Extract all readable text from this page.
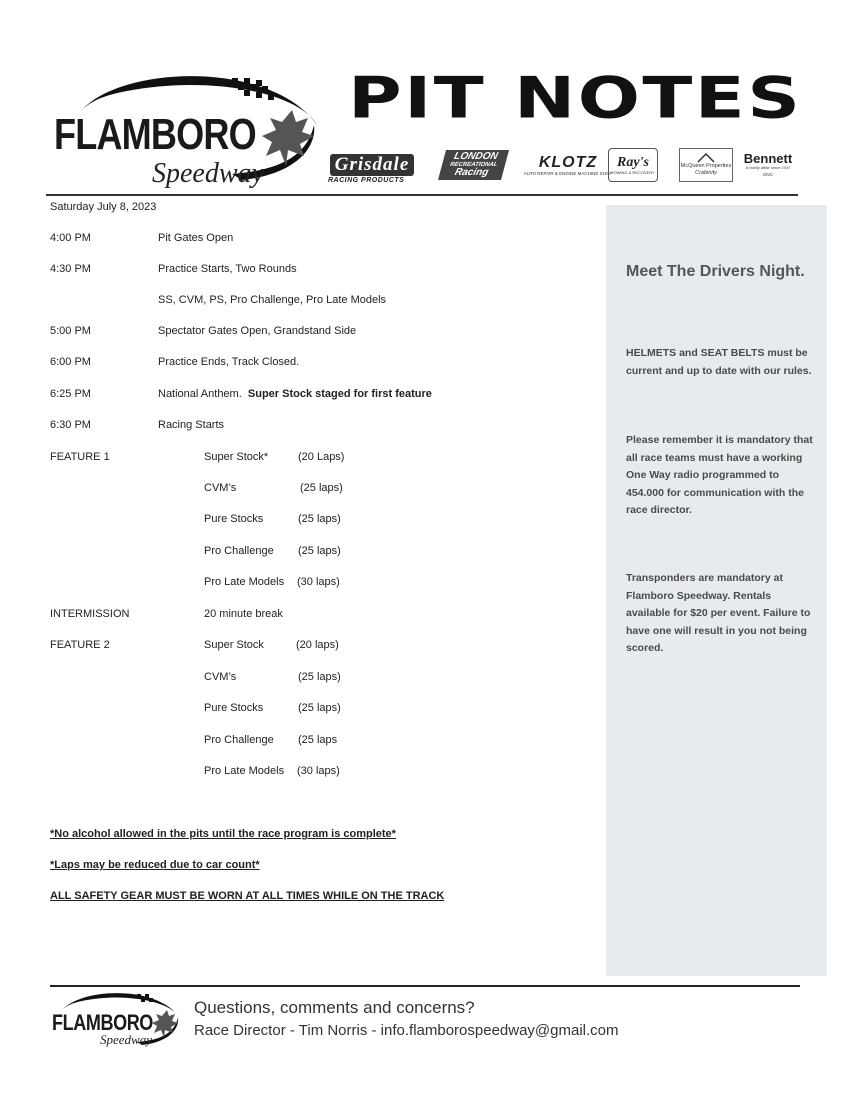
FLAMBORO
Speedway
PIT NOTES
Grisdale
RACING PRODUCTS
LONDON
RECREATIONAL
Racing
KLOTZ
AUTO REPAIR & ENGINE MACHINE SHOP
Ray's
TOWING & RECOVERY
McQueen Properties
Crabinity
Bennett
A family affair since 1937
GMC
Saturday July 8, 2023
4:00 PM	Pit Gates Open
4:30 PM	Practice Starts, Two Rounds
SS, CVM, PS, Pro Challenge, Pro Late Models
5:00 PM	Spectator Gates Open, Grandstand Side
6:00 PM	Practice Ends, Track Closed.
6:25 PM	National Anthem. Super Stock staged for first feature
6:30 PM	Racing Starts
FEATURE 1	Super Stock*	(20 Laps)
CVM’s	(25 laps)
Pure Stocks	(25 laps)
Pro Challenge (25 laps)
Pro Late Models (30 laps)
INTERMISSION	20 minute break
FEATURE 2	Super Stock	(20 laps)
CVM’s	(25 laps)
Pure Stocks	(25 laps)
Pro Challenge (25 laps
Pro Late Models (30 laps)
*No alcohol allowed in the pits until the race program is complete*
*Laps may be reduced due to car count*
ALL SAFETY GEAR MUST BE WORN AT ALL TIMES WHILE ON THE TRACK
Meet The Drivers Night.
HELMETS and SEAT BELTS must be current and up to date with our rules.
Please remember it is mandatory that all race teams must have a working One Way radio programmed to 454.000 for communication with the race director.
Transponders are mandatory at Flamboro Speedway. Rentals available for $20 per event. Failure to have one will result in you not being scored.
FLAMBORO
Speedway
Questions, comments and concerns?
Race Director - Tim Norris - info.flamborospeedway@gmail.com
